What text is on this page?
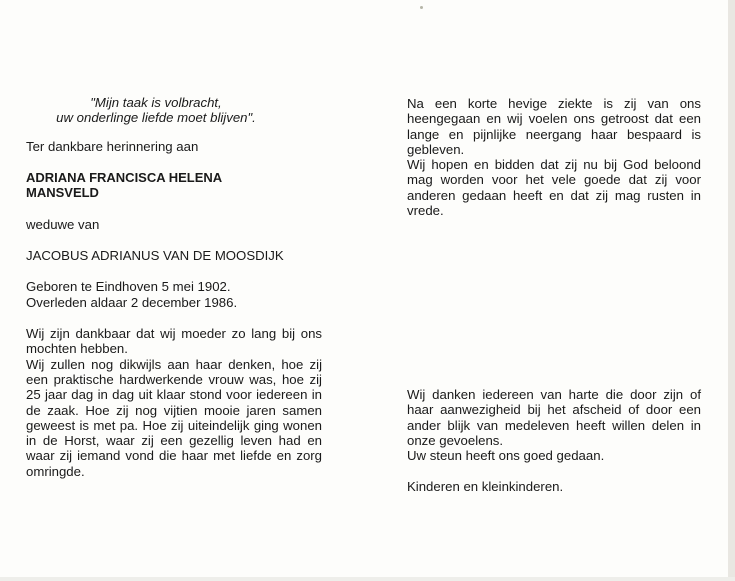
"Mijn taak is volbracht,
uw onderlinge liefde moet blijven".

Ter dankbare herinnering aan

ADRIANA FRANCISCA HELENA

MANSVELD

weduwe van

JACOBUS ADRIANUS VAN DE MOOSDIJK

Geboren te Eindhoven 5 mei 1902.

Overleden aldaar 2 december 1986.

Wij zijn dankbaar dat wij moeder zo lang bij ons mochten hebben.

Wij zullen nog dikwijls aan haar denken, hoe zij een praktische hardwerkende vrouw was, hoe zij 25 jaar dag in dag uit klaar stond voor iedereen in de zaak. Hoe zij nog vijtien mooie jaren samen geweest is met pa. Hoe zij uiteindelijk ging wonen in de Horst, waar zij een gezellig leven had en waar zij iemand vond die haar met liefde en zorg omringde.

Na een korte hevige ziekte is zij van ons heengegaan en wij voelen ons getroost dat een lange en pijnlijke neergang haar bespaard is gebleven.

Wij hopen en bidden dat zij nu bij God beloond mag worden voor het vele goede dat zij voor anderen gedaan heeft en dat zij mag rusten in vrede.

Wij danken iedereen van harte die door zijn of haar aanwezigheid bij het afscheid of door een ander blijk van medeleven heeft willen delen in onze gevoelens.

Uw steun heeft ons goed gedaan.

Kinderen en kleinkinderen.
